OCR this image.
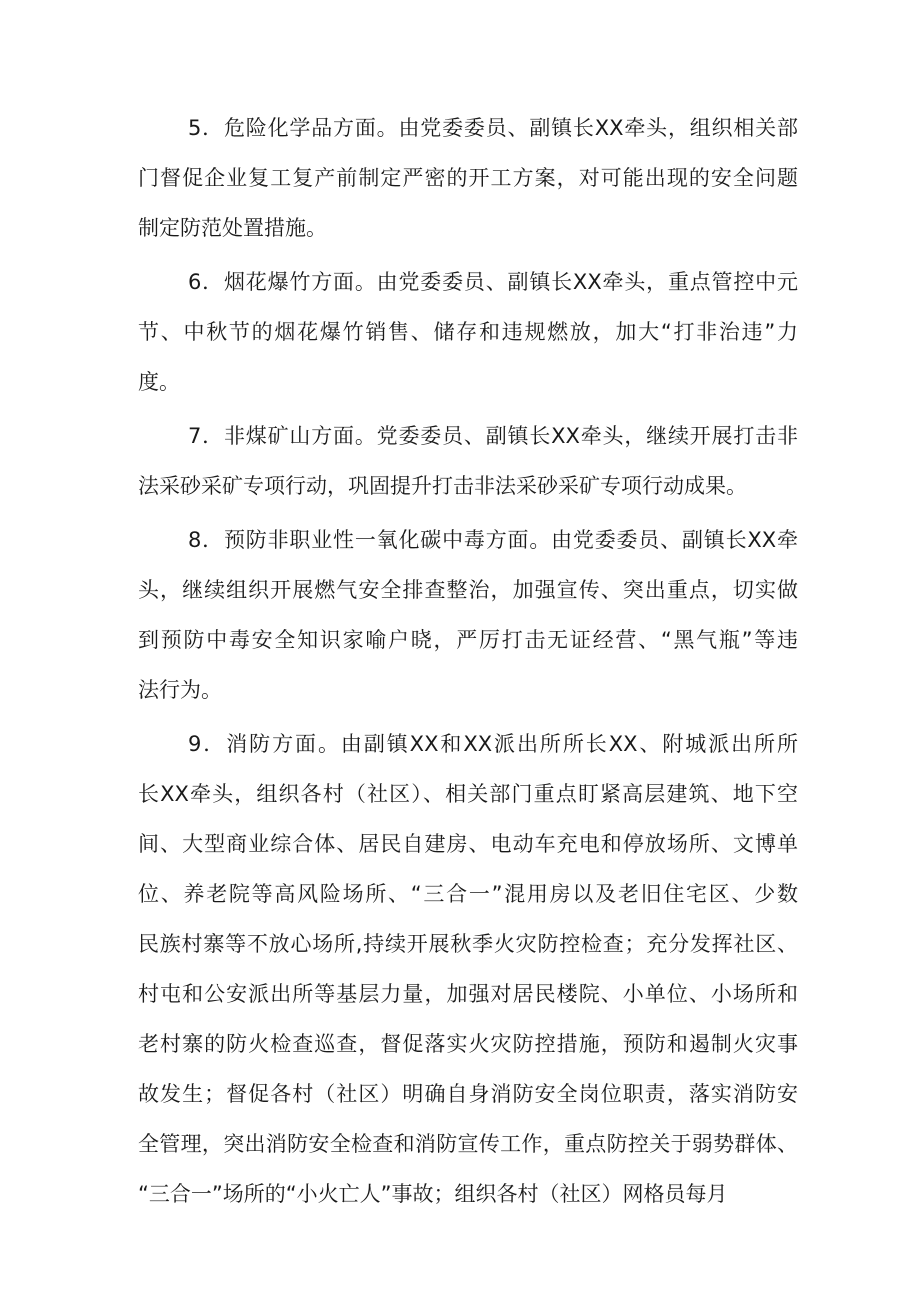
5．危险化学品方面。由党委委员、副镇长XX牵头，组织相关部
门督促企业复工复产前制定严密的开工方案，对可能出现的安全问题
制定防范处置措施。
6．烟花爆竹方面。由党委委员、副镇长XX牵头，重点管控中元
节、中秋节的烟花爆竹销售、储存和违规燃放，加大“打非治违”力
度。
7．非煤矿山方面。党委委员、副镇长XX牵头，继续开展打击非
法采砂采矿专项行动，巩固提升打击非法采砂采矿专项行动成果。
8．预防非职业性一氧化碳中毒方面。由党委委员、副镇长XX牵
头，继续组织开展燃气安全排查整治，加强宣传、突出重点，切实做
到预防中毒安全知识家喻户晓，严厉打击无证经营、“黑气瓶”等违
法行为。
9．消防方面。由副镇XX和XX派出所所长XX、附城派出所所
长XX牵头，组织各村（社区）、相关部门重点盯紧高层建筑、地下空
间、大型商业综合体、居民自建房、电动车充电和停放场所、文博单
位、养老院等高风险场所、“三合一”混用房以及老旧住宅区、少数
民族村寨等不放心场所,持续开展秋季火灾防控检查；充分发挥社区、
村屯和公安派出所等基层力量，加强对居民楼院、小单位、小场所和
老村寨的防火检查巡查，督促落实火灾防控措施，预防和遏制火灾事
故发生；督促各村（社区）明确自身消防安全岗位职责，落实消防安
全管理，突出消防安全检查和消防宣传工作，重点防控关于弱势群体、
“三合一”场所的“小火亡人”事故；组织各村（社区）网格员每月
